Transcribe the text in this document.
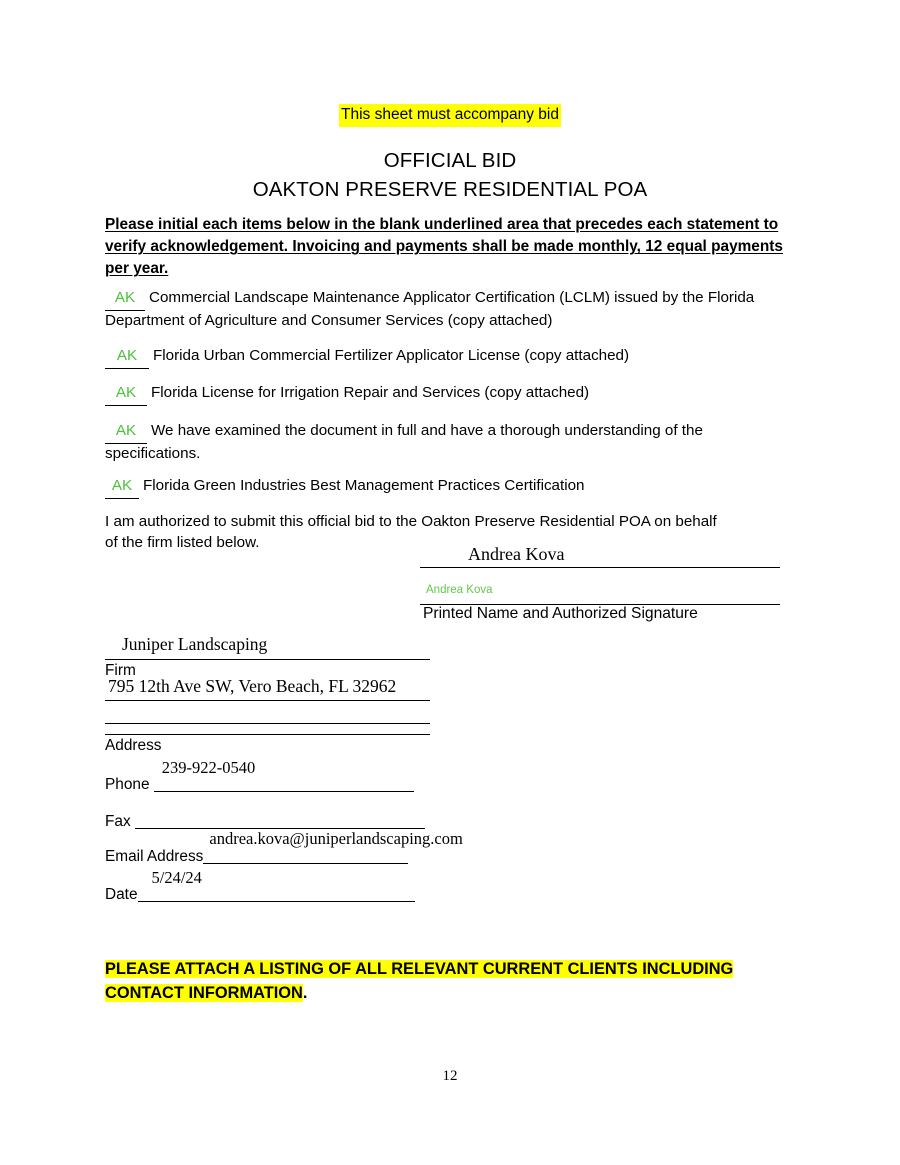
This sheet must accompany bid
OFFICIAL BID
OAKTON PRESERVE RESIDENTIAL POA
Please initial each items below in the blank underlined area that precedes each statement to verify acknowledgement. Invoicing and payments shall be made monthly, 12 equal payments per year.
AK Commercial Landscape Maintenance Applicator Certification (LCLM) issued by the Florida Department of Agriculture and Consumer Services (copy attached)
AK Florida Urban Commercial Fertilizer Applicator License (copy attached)
AK Florida License for Irrigation Repair and Services (copy attached)
AK We have examined the document in full and have a thorough understanding of the specifications.
AK Florida Green Industries Best Management Practices Certification
I am authorized to submit this official bid to the Oakton Preserve Residential POA on behalf of the firm listed below.
Andrea Kova
Andrea Kova
Printed Name and Authorized Signature
Juniper Landscaping
Firm
795 12th Ave SW, Vero Beach, FL 32962
Address
Phone
239-922-0540
Fax
Email Address
andrea.kova@juniperlandscaping.com
Date
5/24/24
PLEASE ATTACH A LISTING OF ALL RELEVANT CURRENT CLIENTS INCLUDING
CONTACT INFORMATION.
12
